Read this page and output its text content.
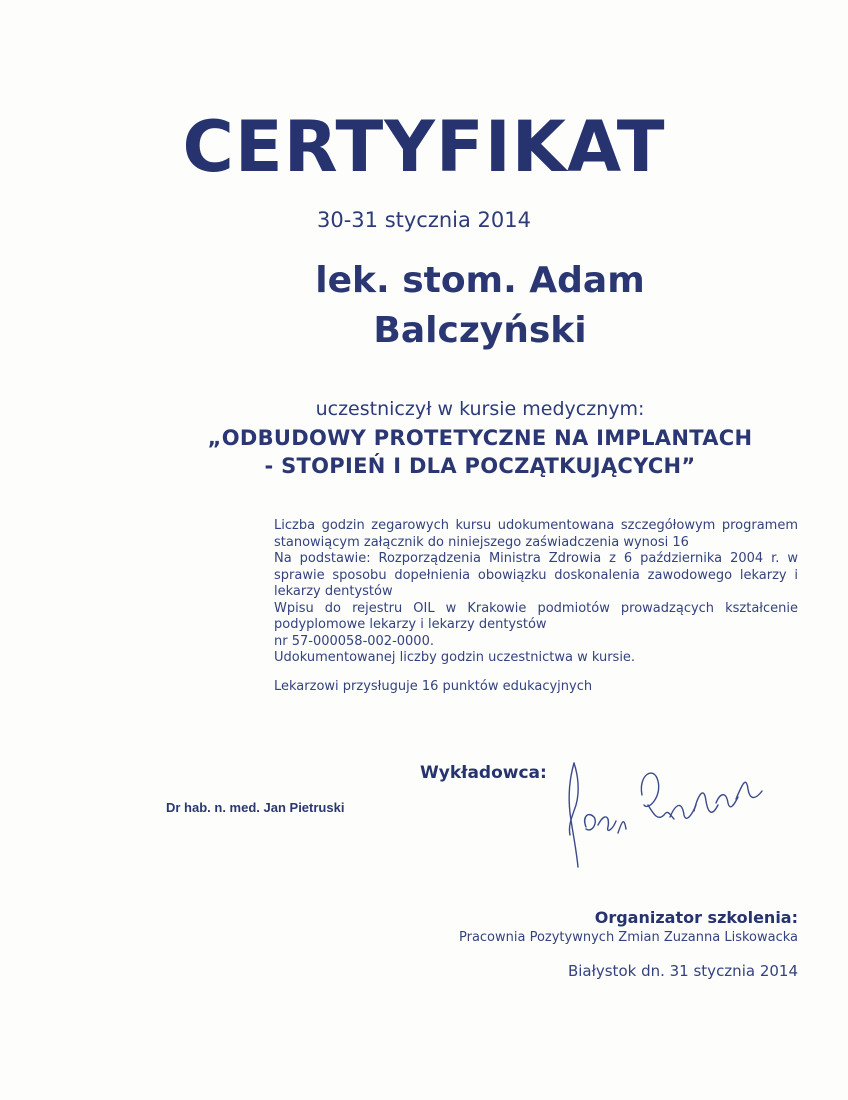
CERTYFIKAT
30-31 stycznia 2014
lek. stom. Adam
Balczyński
uczestniczył w kursie medycznym:
„ODBUDOWY PROTETYCZNE NA IMPLANTACH
- STOPIEŃ I DLA POCZĄTKUJĄCYCH”

Liczba godzin zegarowych kursu udokumentowana szczegółowym programem stanowiącym załącznik do niniejszego zaświadczenia wynosi 16

Na podstawie: Rozporządzenia Ministra Zdrowia z 6 października 2004 r. w sprawie sposobu dopełnienia obowiązku doskonalenia zawodowego lekarzy i lekarzy dentystów

Wpisu do rejestru OIL w Krakowie podmiotów prowadzących kształcenie podyplomowe lekarzy i lekarzy dentystów

nr 57-000058-002-0000.

Udokumentowanej liczby godzin uczestnictwa w kursie.

Lekarzowi przysługuje 16 punktów edukacyjnych

Wykładowca:
Dr hab. n. med. Jan Pietruski
Organizator szkolenia:
Pracownia Pozytywnych Zmian Zuzanna Liskowacka
Białystok dn. 31 stycznia 2014
